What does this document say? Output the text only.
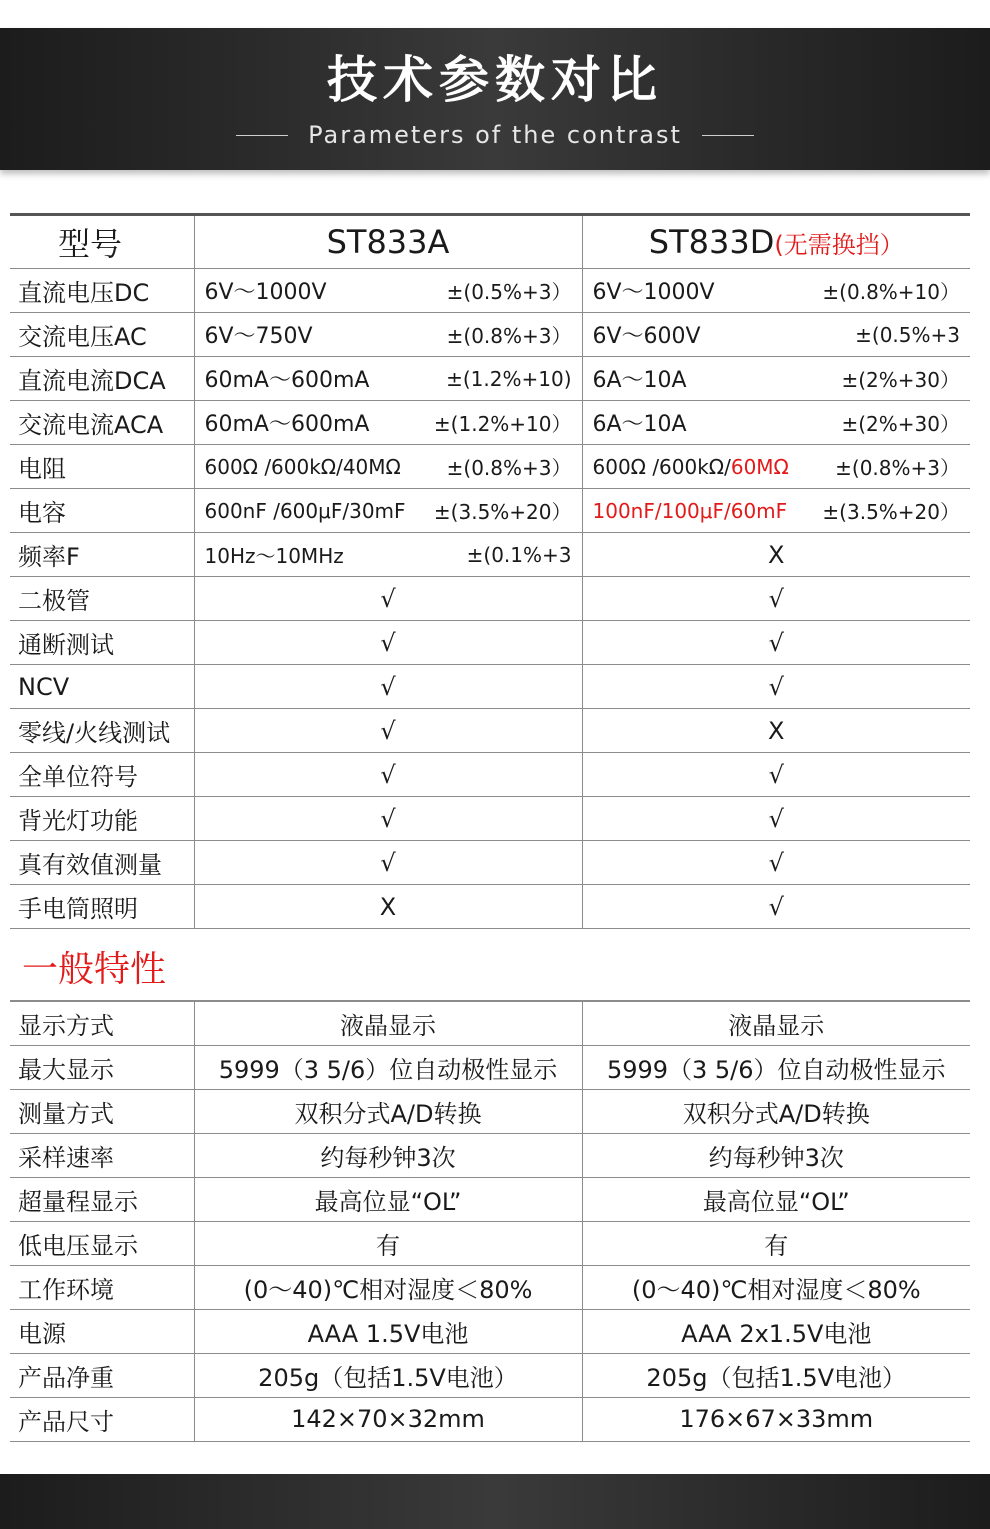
技术参数对比
Parameters of the contrast
型号	ST833A	ST833D(无需换挡）
直流电压DC	6V～1000V ±(0.5%+3）	6V～1000V ±(0.8%+10）

交流电压AC	6V～750V ±(0.8%+3）	6V～600V ±(0.5%+3

直流电流DCA	60mA～600mA ±(1.2%+10)	6A～10A ±(2%+30）

交流电流ACA	60mA～600mA ±(1.2%+10）	6A～10A ±(2%+30）

电阻	600Ω /600kΩ/40MΩ ±(0.8%+3）	600Ω /600kΩ/60MΩ ±(0.8%+3）

电容	600nF /600μF/30mF ±(3.5%+20）	100nF/100μF/60mF ±(3.5%+20）

频率F	10Hz～10MHz ±(0.1%+3	X
二极管	√	√
通断测试	√	√
NCV	√	√
零线/火线测试	√	X
全单位符号	√	√
背光灯功能	√	√
真有效值测量	√	√
手电筒照明	X	√
一般特性
显示方式	液晶显示	液晶显示
最大显示	5999（3 5/6）位自动极性显示	5999（3 5/6）位自动极性显示
测量方式	双积分式A/D转换	双积分式A/D转换
采样速率	约每秒钟3次	约每秒钟3次
超量程显示	最高位显“OL”	最高位显“OL”
低电压显示	有	有
工作环境	(0～40)℃相对湿度＜80%	(0～40)℃相对湿度＜80%
电源	AAA 1.5V电池	AAA 2x1.5V电池
产品净重	205g（包括1.5V电池）	205g（包括1.5V电池）
产品尺寸	142×70×32mm	176×67×33mm
